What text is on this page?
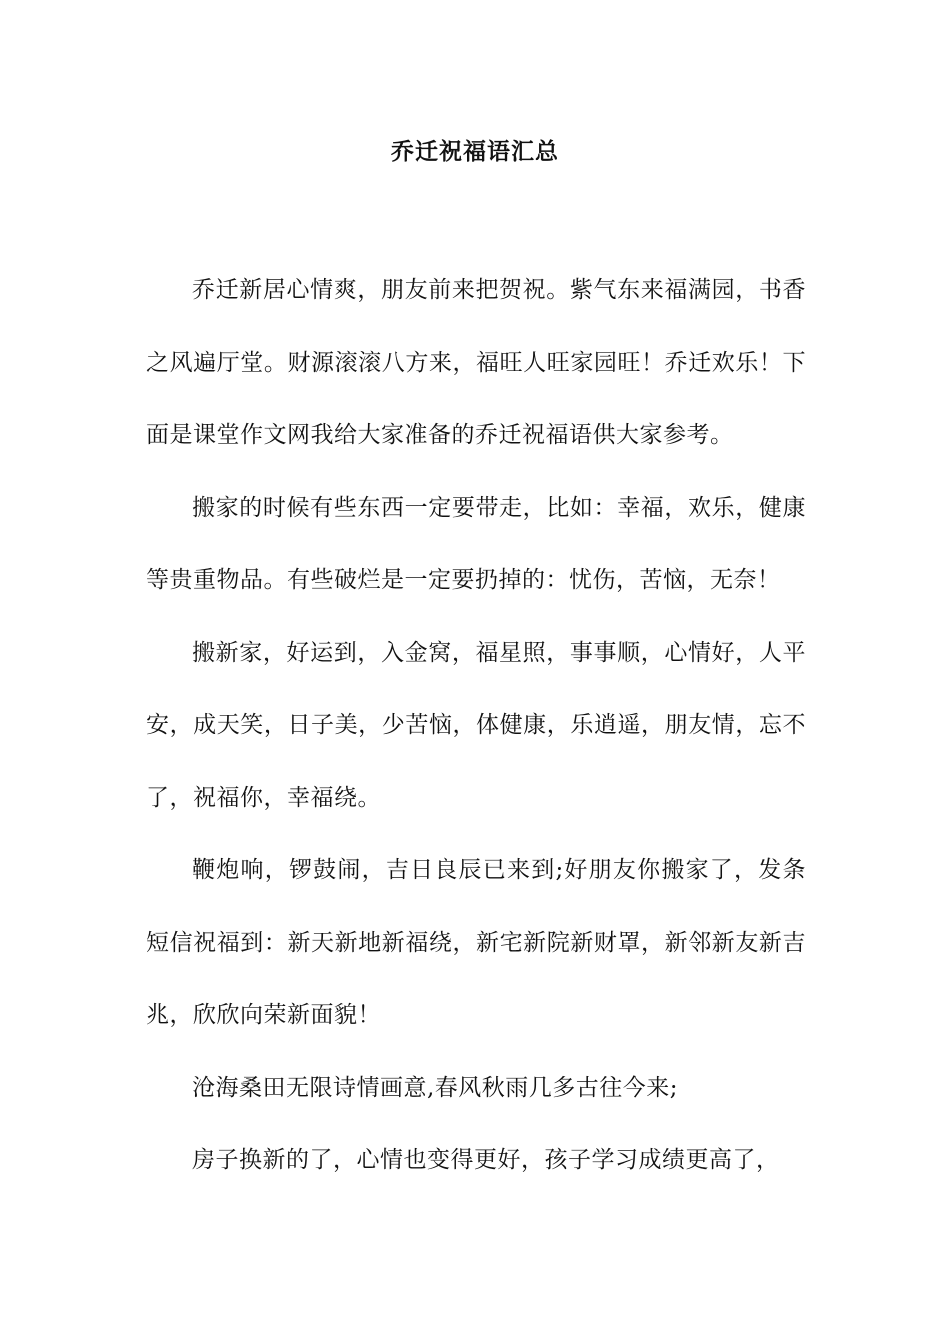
乔迁祝福语汇总

乔迁新居心情爽，朋友前来把贺祝。紫气东来福满园，书香之风遍厅堂。财源滚滚八方来，福旺人旺家园旺！乔迁欢乐！下面是课堂作文网我给大家准备的乔迁祝福语供大家参考。

搬家的时候有些东西一定要带走，比如：幸福，欢乐，健康等贵重物品。有些破烂是一定要扔掉的：忧伤，苦恼，无奈！

搬新家，好运到，入金窝，福星照，事事顺，心情好，人平安，成天笑，日子美，少苦恼，体健康，乐逍遥，朋友情，忘不了，祝福你，幸福绕。

鞭炮响，锣鼓闹，吉日良辰已来到;好朋友你搬家了，发条短信祝福到：新天新地新福绕，新宅新院新财罩，新邻新友新吉兆，欣欣向荣新面貌！

沧海桑田无限诗情画意,春风秋雨几多古往今来;

房子换新的了，心情也变得更好，孩子学习成绩更高了，
